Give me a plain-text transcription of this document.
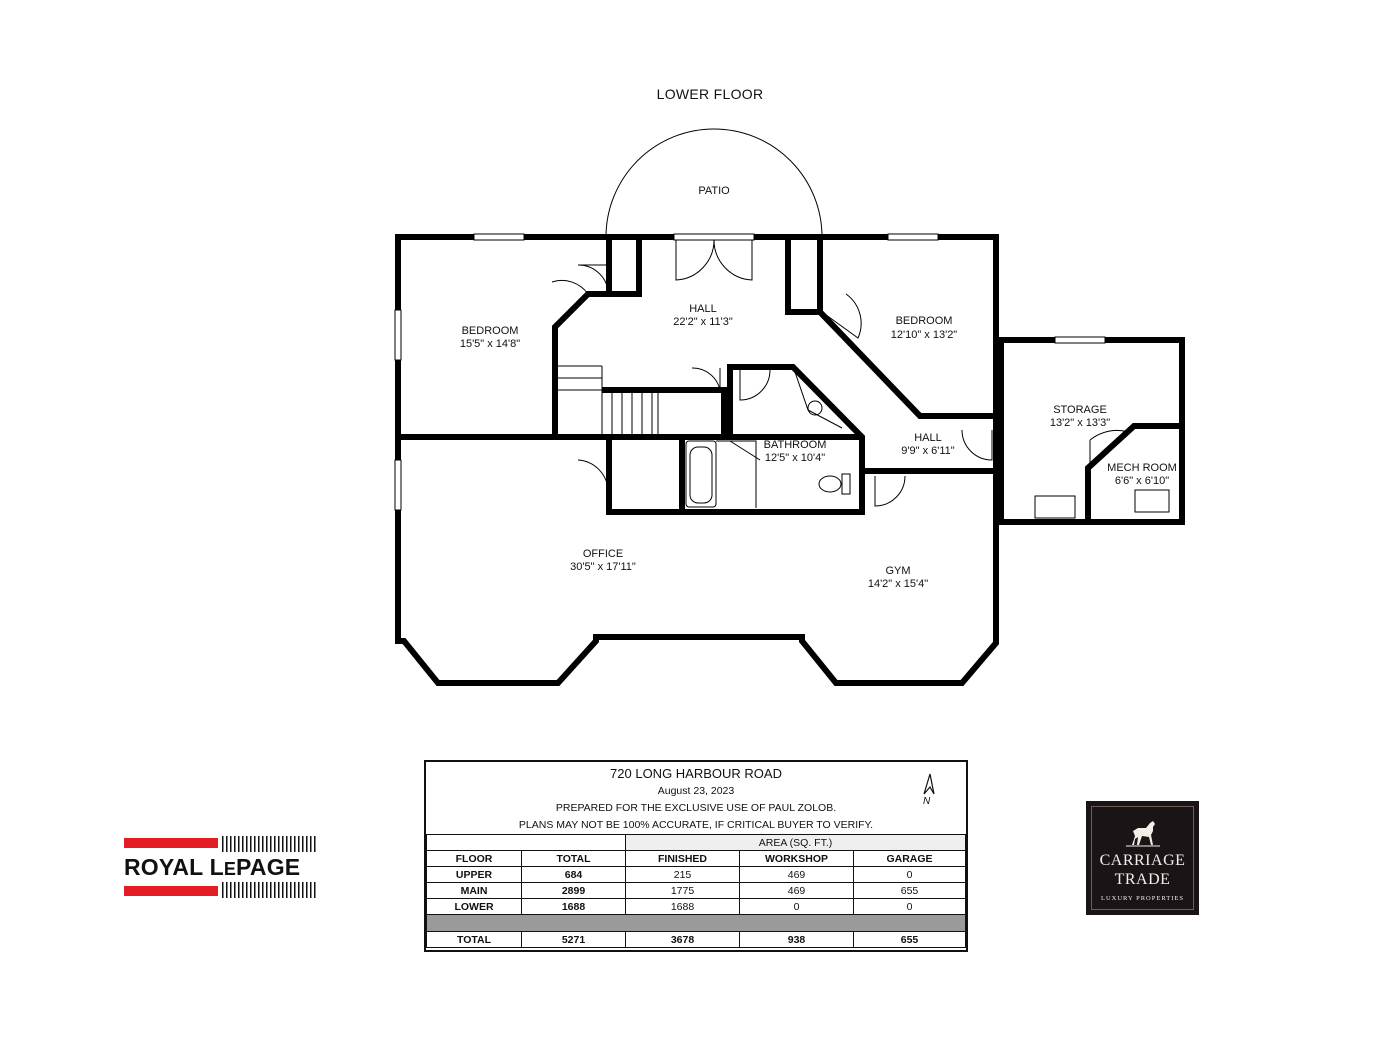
LOWER FLOOR
PATIO
HALL
22'2" x 11'3"
BEDROOM
15'5" x 14'8"
BEDROOM
12'10" x 13'2"
BATHROOM
12'5" x 10'4"
HALL
9'9" x 6'11"
STORAGE
13'2" x 13'3"
MECH ROOM
6'6" x 6'10"
OFFICE
30'5" x 17'11"	GYM
14'2" x 15'4"
720 LONG HARBOUR ROAD
August 23, 2023
PREPARED FOR THE EXCLUSIVE USE OF PAUL ZOLOB.
PLANS MAY NOT BE 100% ACCURATE, IF CRITICAL BUYER TO VERIFY.
N
		AREA (SQ. FT.)		
FLOOR	TOTAL	FINISHED	WORKSHOP	GARAGE
UPPER	684	215	469	0
MAIN	2899	1775	469	655
LOWER	1688	1688	0	0

TOTAL	5271	3678	938	655
ROYAL LEPAGE	CARRIAGE
TRADE
LUXURY PROPERTIES
